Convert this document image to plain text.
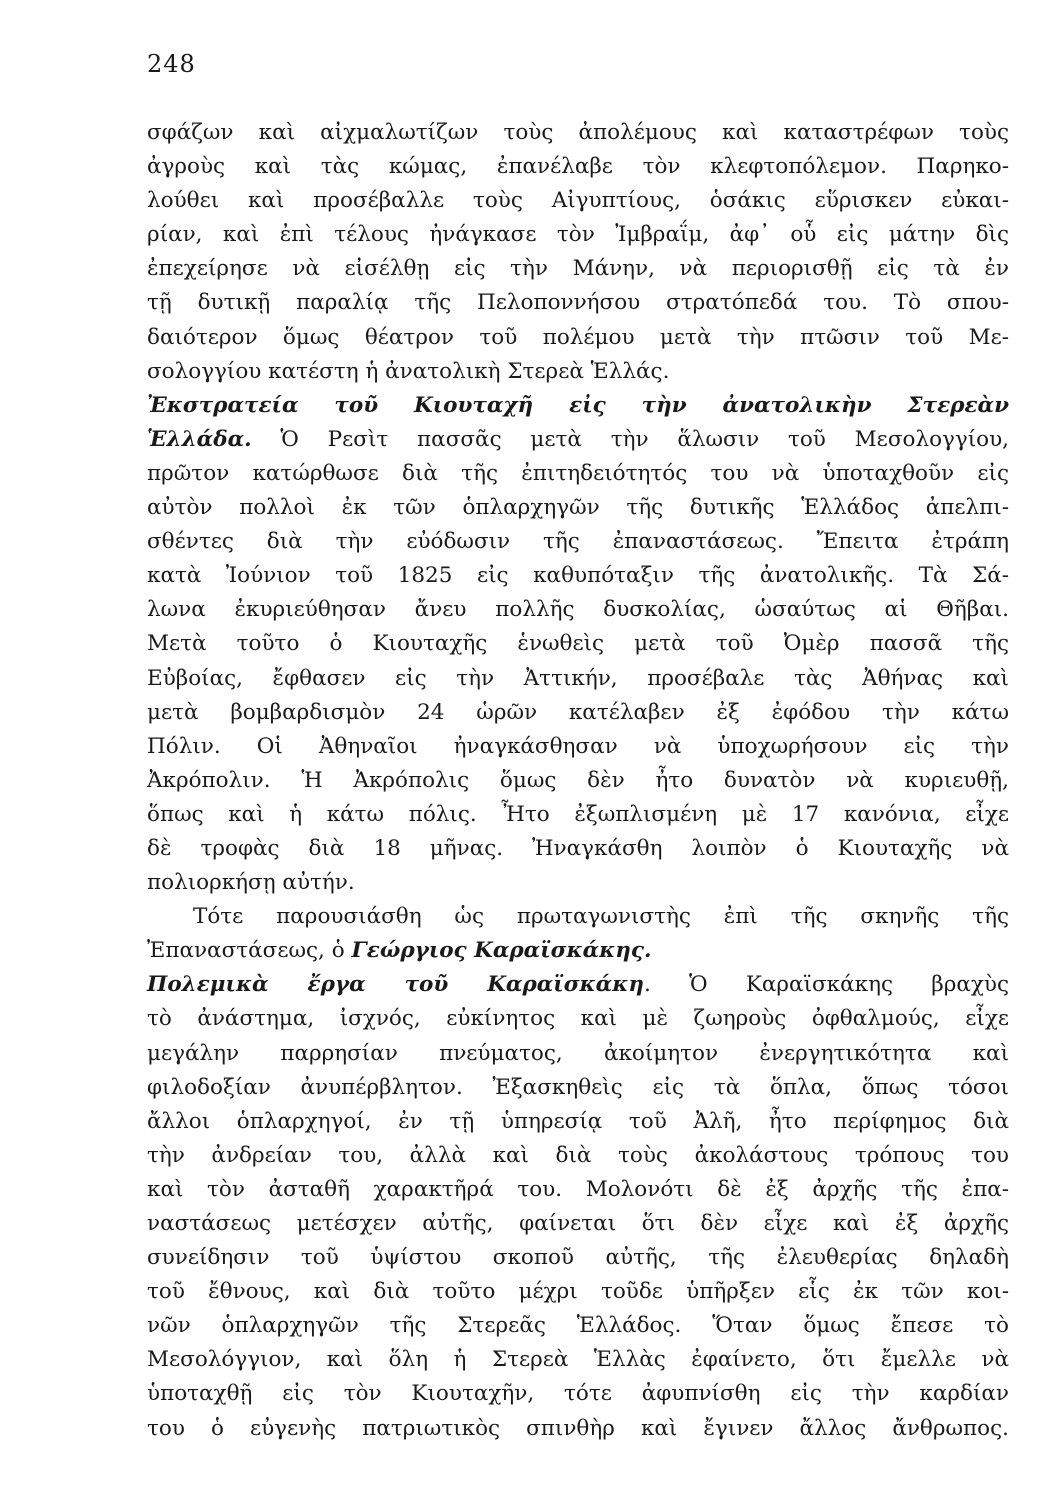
248
σφάζων καὶ αἰχμαλωτίζων τοὺς ἀπολέμους καὶ καταστρέφων τοὺς
ἀγροὺς καὶ τὰς κώμας, ἐπανέλαβε τὸν κλεφτοπόλεμον. Παρηκο-
λούθει καὶ προσέβαλλε τοὺς Αἰγυπτίους, ὁσάκις εὕρισκεν εὐκαι-
ρίαν, καὶ ἐπὶ τέλους ἠνάγκασε τὸν Ἰμβραΐμ, ἀφ᾿ οὗ εἰς μάτην δὶς
ἐπεχείρησε νὰ εἰσέλθῃ εἰς τὴν Μάνην, νὰ περιορισθῇ εἰς τὰ ἐν
τῇ δυτικῇ παραλίᾳ τῆς Πελοποννήσου στρατόπεδά του. Τὸ σπου-
δαιότερον ὅμως θέατρον τοῦ πολέμου μετὰ τὴν πτῶσιν τοῦ Με-
σολογγίου κατέστη ἡ ἀνατολικὴ Στερεὰ Ἑλλάς.
Ἐκστρατεία τοῦ Κιουταχῆ εἰς τὴν ἀνατολικὴν Στερεὰν
Ἑλλάδα. Ὁ Ρεσὶτ πασσᾶς μετὰ τὴν ἅλωσιν τοῦ Μεσολογγίου,
πρῶτον κατώρθωσε διὰ τῆς ἐπιτηδειότητός του νὰ ὑποταχθοῦν εἰς
αὐτὸν πολλοὶ ἐκ τῶν ὁπλαρχηγῶν τῆς δυτικῆς Ἑλλάδος ἀπελπι-
σθέντες διὰ τὴν εὐόδωσιν τῆς ἐπαναστάσεως. Ἔπειτα ἐτράπη
κατὰ Ἰούνιον τοῦ 1825 εἰς καθυπόταξιν τῆς ἀνατολικῆς. Τὰ Σά-
λωνα ἐκυριεύθησαν ἄνευ πολλῆς δυσκολίας, ὡσαύτως αἱ Θῆβαι.
Μετὰ τοῦτο ὁ Κιουταχῆς ἑνωθεὶς μετὰ τοῦ Ὀμὲρ πασσᾶ τῆς
Εὐβοίας, ἔφθασεν εἰς τὴν Ἀττικήν, προσέβαλε τὰς Ἀθήνας καὶ
μετὰ βομβαρδισμὸν 24 ὡρῶν κατέλαβεν ἐξ ἐφόδου τὴν κάτω
Πόλιν. Οἱ Ἀθηναῖοι ἠναγκάσθησαν νὰ ὑποχωρήσουν εἰς τὴν
Ἀκρόπολιν. Ἡ Ἀκρόπολις ὅμως δὲν ἦτο δυνατὸν νὰ κυριευθῇ,
ὅπως καὶ ἡ κάτω πόλις. Ἦτο ἐξωπλισμένη μὲ 17 κανόνια, εἶχε
δὲ τροφὰς διὰ 18 μῆνας. Ἠναγκάσθη λοιπὸν ὁ Κιουταχῆς νὰ
πολιορκήσῃ αὐτήν.
Τότε παρουσιάσθη ὡς πρωταγωνιστὴς ἐπὶ τῆς σκηνῆς τῆς
Ἐπαναστάσεως, ὁ Γεώργιος Καραϊσκάκης.
Πολεμικὰ ἔργα τοῦ Καραϊσκάκη. Ὁ Καραϊσκάκης βραχὺς
τὸ ἀνάστημα, ἰσχνός, εὐκίνητος καὶ μὲ ζωηροὺς ὀφθαλμούς, εἶχε
μεγάλην παρρησίαν πνεύματος, ἀκοίμητον ἐνεργητικότητα καὶ
φιλοδοξίαν ἀνυπέρβλητον. Ἐξασκηθεὶς εἰς τὰ ὅπλα, ὅπως τόσοι
ἄλλοι ὁπλαρχηγοί, ἐν τῇ ὑπηρεσίᾳ τοῦ Ἀλῆ, ἦτο περίφημος διὰ
τὴν ἀνδρείαν του, ἀλλὰ καὶ διὰ τοὺς ἀκολάστους τρόπους του
καὶ τὸν ἀσταθῆ χαρακτῆρά του. Μολονότι δὲ ἐξ ἀρχῆς τῆς ἐπα-
ναστάσεως μετέσχεν αὐτῆς, φαίνεται ὅτι δὲν εἶχε καὶ ἐξ ἀρχῆς
συνείδησιν τοῦ ὑψίστου σκοποῦ αὐτῆς, τῆς ἐλευθερίας δηλαδὴ
τοῦ ἔθνους, καὶ διὰ τοῦτο μέχρι τοῦδε ὑπῆρξεν εἷς ἐκ τῶν κοι-
νῶν ὁπλαρχηγῶν τῆς Στερεᾶς Ἑλλάδος. Ὅταν ὅμως ἔπεσε τὸ
Μεσολόγγιον, καὶ ὅλη ἡ Στερεὰ Ἑλλὰς ἐφαίνετο, ὅτι ἔμελλε νὰ
ὑποταχθῇ εἰς τὸν Κιουταχῆν, τότε ἀφυπνίσθη εἰς τὴν καρδίαν
του ὁ εὐγενὴς πατριωτικὸς σπινθὴρ καὶ ἔγινεν ἄλλος ἄνθρωπος.
